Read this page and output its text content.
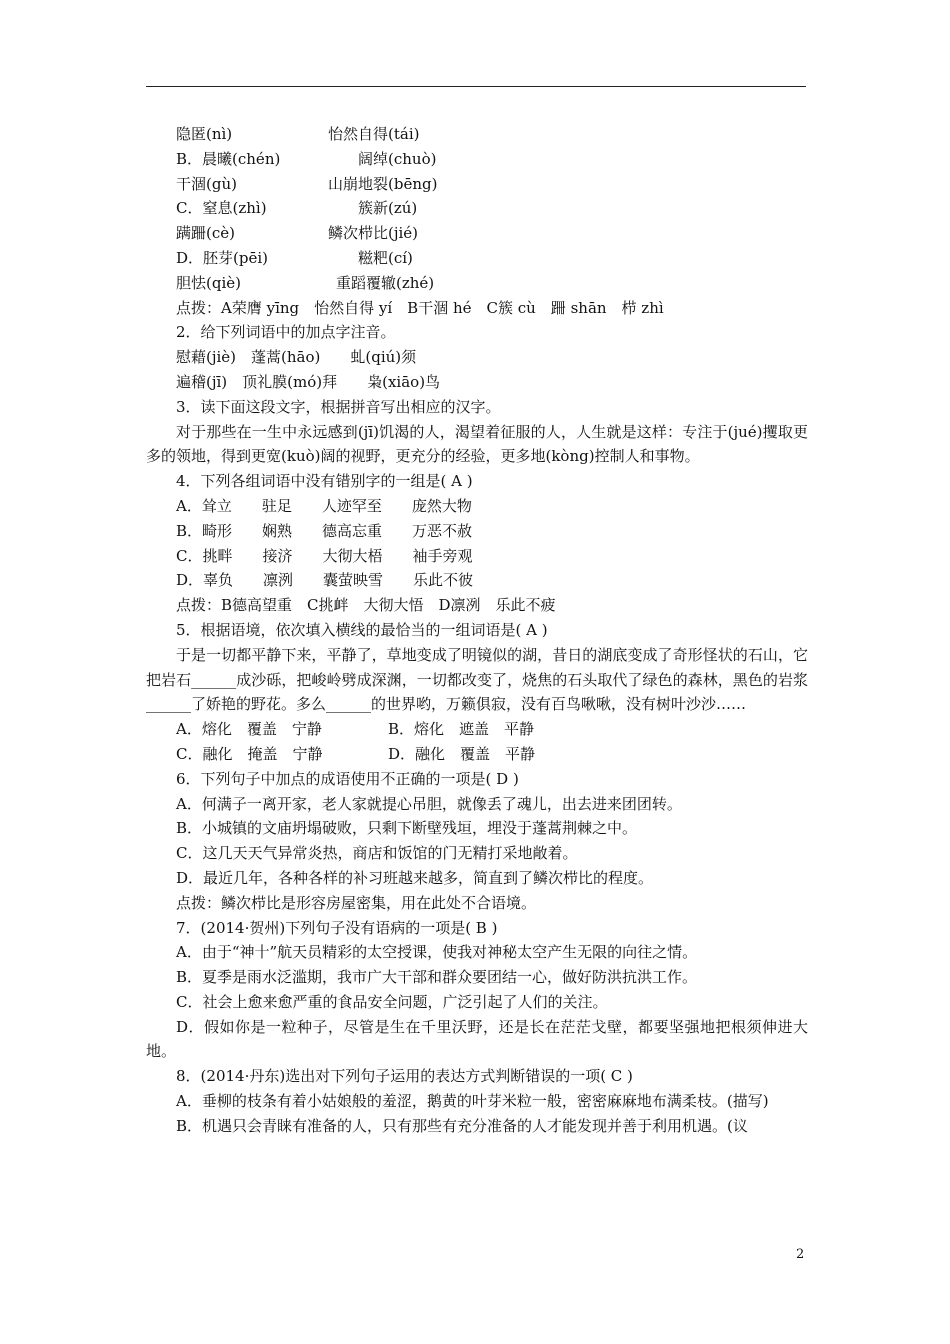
隐匿(nì)	怡然自得(tái)
B．晨曦(chén)	阔绰(chuò)
干涸(gù)	山崩地裂(bēng)
C．窒息(zhì)	簇新(zú)
蹒跚(cè)	鳞次栉比(jié)
D．胚芽(pēi)	糍粑(cí)
胆怯(qiè)	重蹈覆辙(zhé)
点拨：A荣膺 yīng　怡然自得 yí　B干涸 hé　C簇 cù　跚 shān　栉 zhì
2．给下列词语中的加点字注音。
慰藉(jiè)　蓬蒿(hāo)　　虬(qiú)须
遍稽(jī)　顶礼膜(mó)拜　　枭(xiāo)鸟
3．读下面这段文字，根据拼音写出相应的汉字。
对于那些在一生中永远感到(jī)饥渴的人，渴望着征服的人，人生就是这样：专注于(jué)攫取更多的领地，得到更宽(kuò)阔的视野，更充分的经验，更多地(kòng)控制人和事物。
4．下列各组词语中没有错别字的一组是( A )
A．耸立　　驻足　　人迹罕至　　庞然大物
B．畸形　　娴熟　　德高忘重　　万恶不赦
C．挑畔　　接济　　大彻大梧　　袖手旁观
D．辜负　　凛洌　　囊萤映雪　　乐此不彼
点拨：B德高望重　C挑衅　大彻大悟　D凛冽　乐此不疲
5．根据语境，依次填入横线的最恰当的一组词语是( A )
于是一切都平静下来，平静了，草地变成了明镜似的湖，昔日的湖底变成了奇形怪状的石山，它把岩石______成沙砾，把峻岭劈成深渊，一切都改变了，烧焦的石头取代了绿色的森林，黑色的岩浆______了娇艳的野花。多么______的世界哟，万籁俱寂，没有百鸟啾啾，没有树叶沙沙……
A．熔化　覆盖　宁静	B．熔化　遮盖　平静
C．融化　掩盖　宁静	D．融化　覆盖　平静
6．下列句子中加点的成语使用不正确的一项是( D )
A．何满子一离开家，老人家就提心吊胆，就像丢了魂儿，出去进来团团转。
B．小城镇的文庙坍塌破败，只剩下断壁残垣，埋没于蓬蒿荆棘之中。
C．这几天天气异常炎热，商店和饭馆的门无精打采地敞着。
D．最近几年，各种各样的补习班越来越多，简直到了鳞次栉比的程度。
点拨：鳞次栉比是形容房屋密集，用在此处不合语境。
7．(2014·贺州)下列句子没有语病的一项是( B )
A．由于“神十”航天员精彩的太空授课，使我对神秘太空产生无限的向往之情。
B．夏季是雨水泛滥期，我市广大干部和群众要团结一心，做好防洪抗洪工作。
C．社会上愈来愈严重的食品安全问题，广泛引起了人们的关注。
D．假如你是一粒种子，尽管是生在千里沃野，还是长在茫茫戈壁，都要坚强地把根须伸进大地。
8．(2014·丹东)选出对下列句子运用的表达方式判断错误的一项( C )
A．垂柳的枝条有着小姑娘般的羞涩，鹅黄的叶芽米粒一般，密密麻麻地布满柔枝。(描写)
B．机遇只会青睐有准备的人，只有那些有充分准备的人才能发现并善于利用机遇。(议
2
